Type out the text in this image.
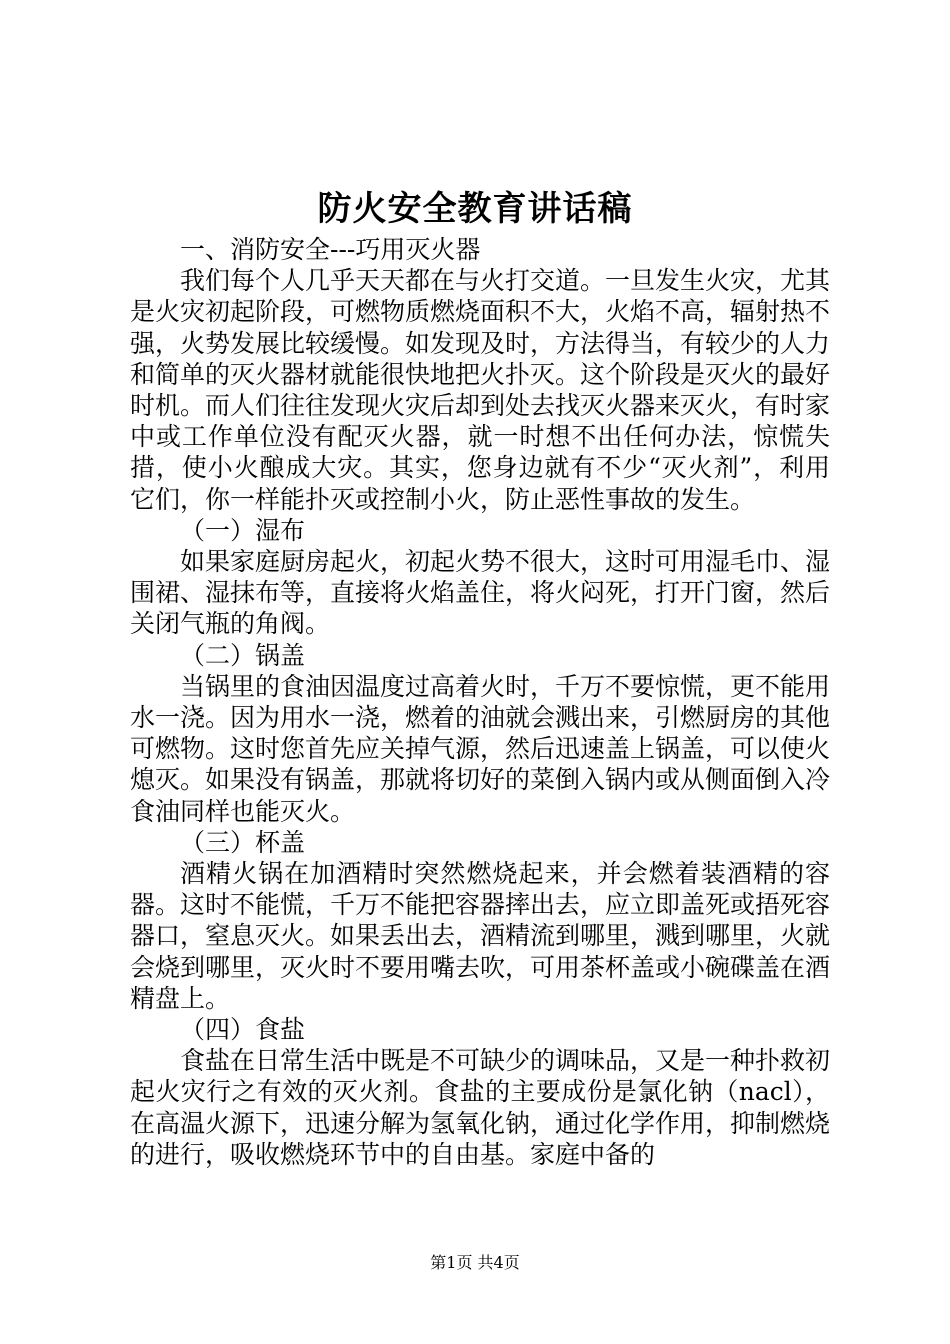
防火安全教育讲话稿

一、消防安全---巧用灭火器

我们每个人几乎天天都在与火打交道。一旦发生火灾，尤其是火灾初起阶段，可燃物质燃烧面积不大，火焰不高，辐射热不强，火势发展比较缓慢。如发现及时，方法得当，有较少的人力和简单的灭火器材就能很快地把火扑灭。这个阶段是灭火的最好时机。而人们往往发现火灾后却到处去找灭火器来灭火，有时家中或工作单位没有配灭火器，就一时想不出任何办法，惊慌失措，使小火酿成大灾。其实，您身边就有不少“灭火剂”，利用它们，你一样能扑灭或控制小火，防止恶性事故的发生。

（一）湿布

如果家庭厨房起火，初起火势不很大，这时可用湿毛巾、湿围裙、湿抹布等，直接将火焰盖住，将火闷死，打开门窗，然后关闭气瓶的角阀。

（二）锅盖

当锅里的食油因温度过高着火时，千万不要惊慌，更不能用水一浇。因为用水一浇，燃着的油就会溅出来，引燃厨房的其他可燃物。这时您首先应关掉气源，然后迅速盖上锅盖，可以使火熄灭。如果没有锅盖，那就将切好的菜倒入锅内或从侧面倒入冷食油同样也能灭火。

（三）杯盖

酒精火锅在加酒精时突然燃烧起来，并会燃着装酒精的容器。这时不能慌，千万不能把容器摔出去，应立即盖死或捂死容器口，窒息灭火。如果丢出去，酒精流到哪里，溅到哪里，火就会烧到哪里，灭火时不要用嘴去吹，可用茶杯盖或小碗碟盖在酒精盘上。

（四）食盐

食盐在日常生活中既是不可缺少的调味品，又是一种扑救初起火灾行之有效的灭火剂。食盐的主要成份是氯化钠（nacl），在高温火源下，迅速分解为氢氧化钠，通过化学作用，抑制燃烧的进行，吸收燃烧环节中的自由基。家庭中备的

第1页 共4页
